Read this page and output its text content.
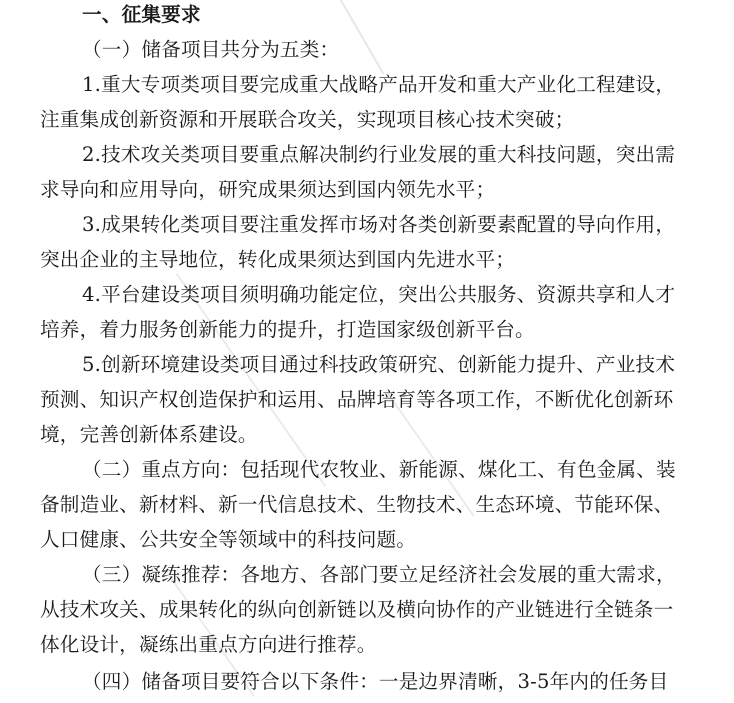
一、征集要求
（一）储备项目共分为五类：
1.重大专项类项目要完成重大战略产品开发和重大产业化工程建设，
注重集成创新资源和开展联合攻关，实现项目核心技术突破；
2.技术攻关类项目要重点解决制约行业发展的重大科技问题，突出需
求导向和应用导向，研究成果须达到国内领先水平；
3.成果转化类项目要注重发挥市场对各类创新要素配置的导向作用，
突出企业的主导地位，转化成果须达到国内先进水平；
4.平台建设类项目须明确功能定位，突出公共服务、资源共享和人才
培养，着力服务创新能力的提升，打造国家级创新平台。
5.创新环境建设类项目通过科技政策研究、创新能力提升、产业技术
预测、知识产权创造保护和运用、品牌培育等各项工作，不断优化创新环
境，完善创新体系建设。
（二）重点方向：包括现代农牧业、新能源、煤化工、有色金属、装
备制造业、新材料、新一代信息技术、生物技术、生态环境、节能环保、
人口健康、公共安全等领域中的科技问题。
（三）凝练推荐：各地方、各部门要立足经济社会发展的重大需求，
从技术攻关、成果转化的纵向创新链以及横向协作的产业链进行全链条一
体化设计，凝练出重点方向进行推荐。
（四）储备项目要符合以下条件：一是边界清晰，3-5年内的任务目
